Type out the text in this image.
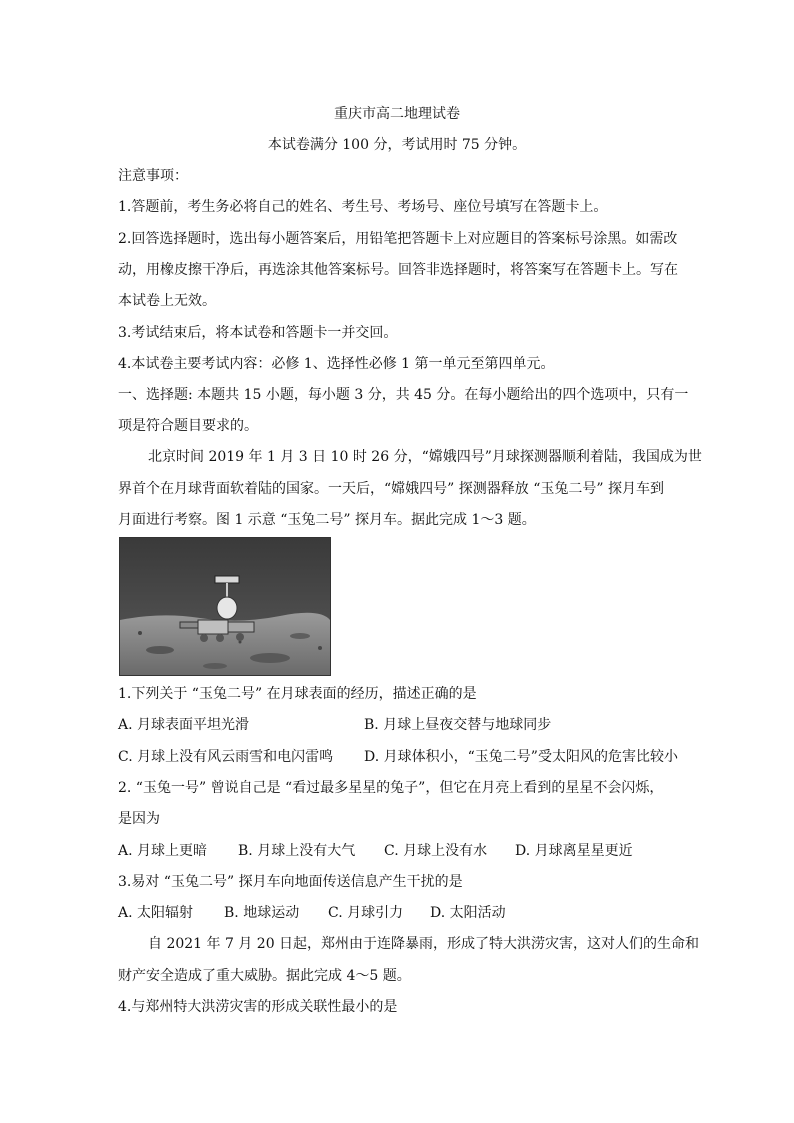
重庆市高二地理试卷
本试卷满分 100 分，考试用时 75 分钟。
注意事项：
1.答题前，考生务必将自己的姓名、考生号、考场号、座位号填写在答题卡上。
2.回答选择题时，选出每小题答案后，用铅笔把答题卡上对应题目的答案标号涂黑。如需改
动，用橡皮擦干净后，再选涂其他答案标号。回答非选择题时，将答案写在答题卡上。写在
本试卷上无效。
3.考试结束后，将本试卷和答题卡一并交回。
4.本试卷主要考试内容：必修 1、选择性必修 1 第一单元至第四单元。
一、选择题: 本题共 15 小题，每小题 3 分，共 45 分。在每小题给出的四个选项中，只有一
项是符合题目要求的。
北京时间 2019 年 1 月 3 日 10 时 26 分，“嫦娥四号”月球探测器顺利着陆，我国成为世
界首个在月球背面软着陆的国家。一天后，“嫦娥四号” 探测器释放 “玉兔二号” 探月车到
月面进行考察。图 1 示意 “玉兔二号” 探月车。据此完成 1～3 题。
1.下列关于 “玉兔二号” 在月球表面的经历，描述正确的是
A. 月球表面平坦光滑	B. 月球上昼夜交替与地球同步
C. 月球上没有风云雨雪和电闪雷鸣 D. 月球体积小，“玉兔二号”受太阳风的危害比较小
2. “玉兔一号” 曾说自己是 “看过最多星星的兔子”，但它在月亮上看到的星星不会闪烁，
是因为
A. 月球上更暗 B. 月球上没有大气 C. 月球上没有水 D. 月球离星星更近
3.易对 “玉兔二号” 探月车向地面传送信息产生干扰的是
A. 太阳辐射 B. 地球运动 C. 月球引力 D. 太阳活动
自 2021 年 7 月 20 日起，郑州由于连降暴雨，形成了特大洪涝灾害，这对人们的生命和
财产安全造成了重大威胁。据此完成 4～5 题。
4.与郑州特大洪涝灾害的形成关联性最小的是
